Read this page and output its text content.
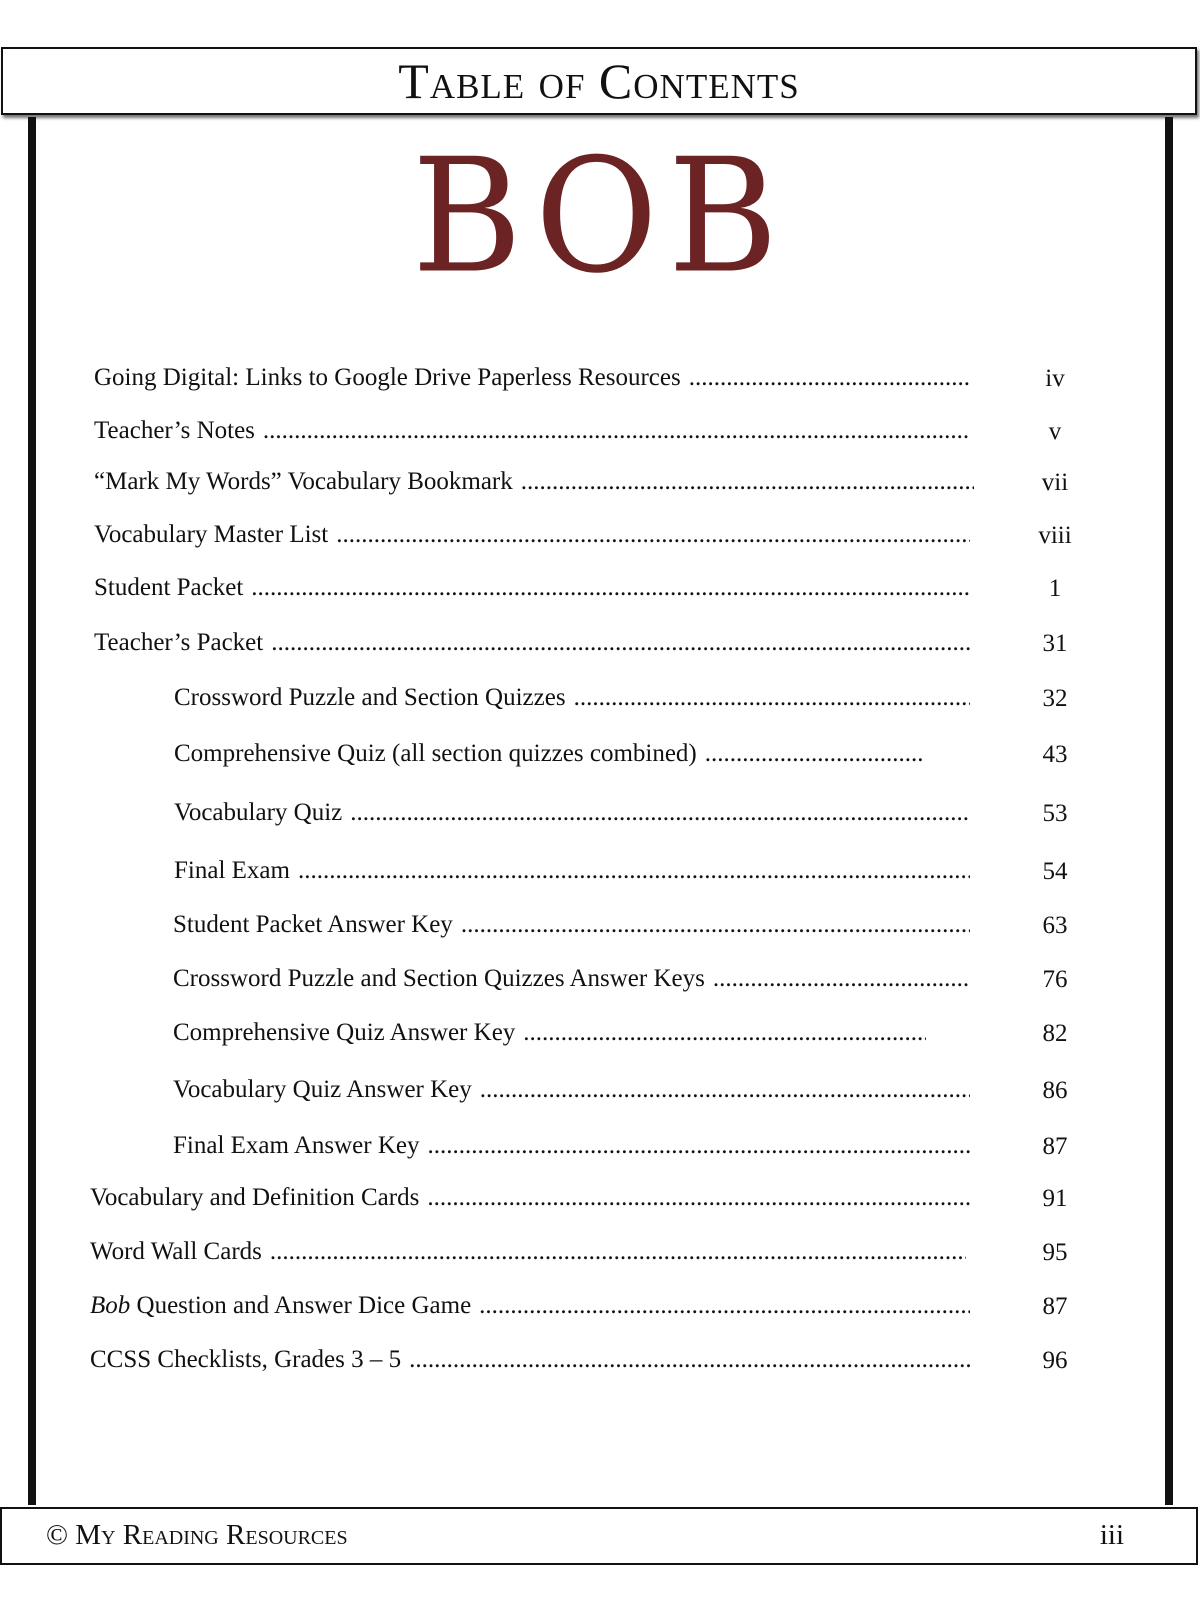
Table of Contents
BOB
Going Digital: Links to Google Drive Paperless Resources .....	iv
Teacher’s Notes .....	v
“Mark My Words” Vocabulary Bookmark .....	vii
Vocabulary Master List .....	viii
Student Packet .....	1
Teacher’s Packet .....	31
Crossword Puzzle and Section Quizzes .....	32
Comprehensive Quiz (all section quizzes combined) .....	43
Vocabulary Quiz .....	53
Final Exam .....	54
Student Packet Answer Key .....	63
Crossword Puzzle and Section Quizzes Answer Keys .....	76
Comprehensive Quiz Answer Key .....	82
Vocabulary Quiz Answer Key .....	86
Final Exam Answer Key .....	87
Vocabulary and Definition Cards .....	91
Word Wall Cards .....	95
Bob Question and Answer Dice Game .....	87
CCSS Checklists, Grades 3 – 5 .....	96
© My Reading Resources	iii
